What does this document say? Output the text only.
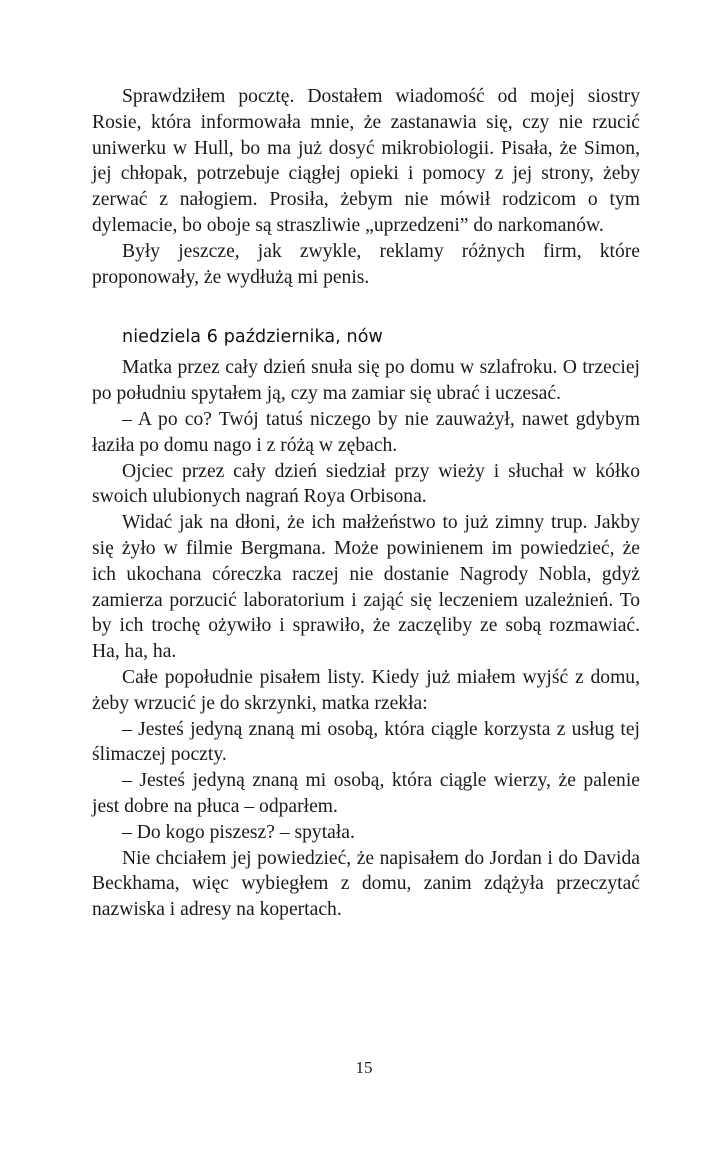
Sprawdziłem pocztę. Dostałem wiadomość od mojej siostry Rosie, która informowała mnie, że zastanawia się, czy nie rzucić uniwerku w Hull, bo ma już dosyć mikrobiologii. Pisała, że Simon, jej chłopak, potrzebuje ciągłej opieki i pomocy z jej strony, żeby zerwać z nałogiem. Prosiła, żebym nie mówił rodzicom o tym dylemacie, bo oboje są straszliwie „uprzedzeni” do narkomanów.

Były jeszcze, jak zwykle, reklamy różnych firm, które proponowały, że wydłużą mi penis.

niedziela 6 października, nów

Matka przez cały dzień snuła się po domu w szlafroku. O trzeciej po południu spytałem ją, czy ma zamiar się ubrać i uczesać.

– A po co? Twój tatuś niczego by nie zauważył, nawet gdybym łaziła po domu nago i z różą w zębach.

Ojciec przez cały dzień siedział przy wieży i słuchał w kółko swoich ulubionych nagrań Roya Orbisona.

Widać jak na dłoni, że ich małżeństwo to już zimny trup. Jakby się żyło w filmie Bergmana. Może powinienem im powiedzieć, że ich ukochana córeczka raczej nie dostanie Nagrody Nobla, gdyż zamierza porzucić laboratorium i zająć się leczeniem uzależnień. To by ich trochę ożywiło i sprawiło, że zaczęliby ze sobą rozmawiać. Ha, ha, ha.

Całe popołudnie pisałem listy. Kiedy już miałem wyjść z domu, żeby wrzucić je do skrzynki, matka rzekła:

– Jesteś jedyną znaną mi osobą, która ciągle korzysta z usług tej ślimaczej poczty.

– Jesteś jedyną znaną mi osobą, która ciągle wierzy, że palenie jest dobre na płuca – odparłem.

– Do kogo piszesz? – spytała.

Nie chciałem jej powiedzieć, że napisałem do Jordan i do Davida Beckhama, więc wybiegłem z domu, zanim zdążyła przeczytać nazwiska i adresy na kopertach.

15
